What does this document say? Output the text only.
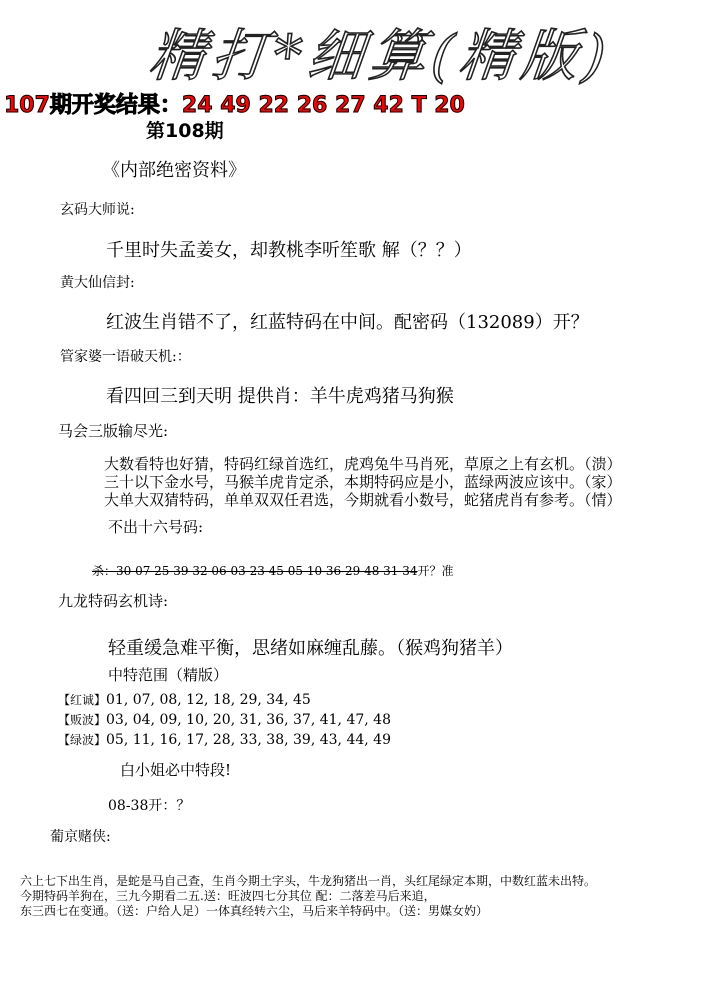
精打*细算(精版)
107期开奖结果：24 49 22 26 27 42 T 20
第108期
《内部绝密资料》
玄码大师说:
千里时失孟姜女，却教桃李听笙歌 解（？？）
黄大仙信封:
红波生肖错不了，红蓝特码在中间。配密码（132089）开？
管家婆一语破天机:：
看四回三到天明 提供肖：羊牛虎鸡猪马狗猴
马会三版输尽光:
大数看特也好猜，特码红绿首选红，虎鸡兔牛马肖死，草原之上有玄机。（溃）
三十以下金水号，马猴羊虎肯定杀，本期特码应是小，蓝绿两波应该中。（家）
大单大双猜特码，单单双双任君选，今期就看小数号，蛇猪虎肖有参考。（情）
不出十六号码:
杀：30 07 25 39 32 06 03 23 45 05 10 36 29 48 31 34开？准
九龙特码玄机诗:
轻重缓急难平衡，思绪如麻缠乱藤。（猴鸡狗猪羊）
中特范围（精版）
【红诚】01, 07, 08, 12, 18, 29, 34, 45
【贩波】03, 04, 09, 10, 20, 31, 36, 37, 41, 47, 48
【绿波】05, 11, 16, 17, 28, 33, 38, 39, 43, 44, 49
白小姐必中特段!
08-38开：？
葡京赌侠:
六上七下出生肖，是蛇是马自己查，生肖今期土字头，牛龙狗猪出一肖，头红尾绿定本期，中数红蓝未出特。
今期特码羊狗在，三九今期看二五.送：旺波四七分其位 配：二落差马后来追，
东三西七在变通。（送：户给人足）一体真经转六尘，马后来羊特码中。（送：男媒女妁）
